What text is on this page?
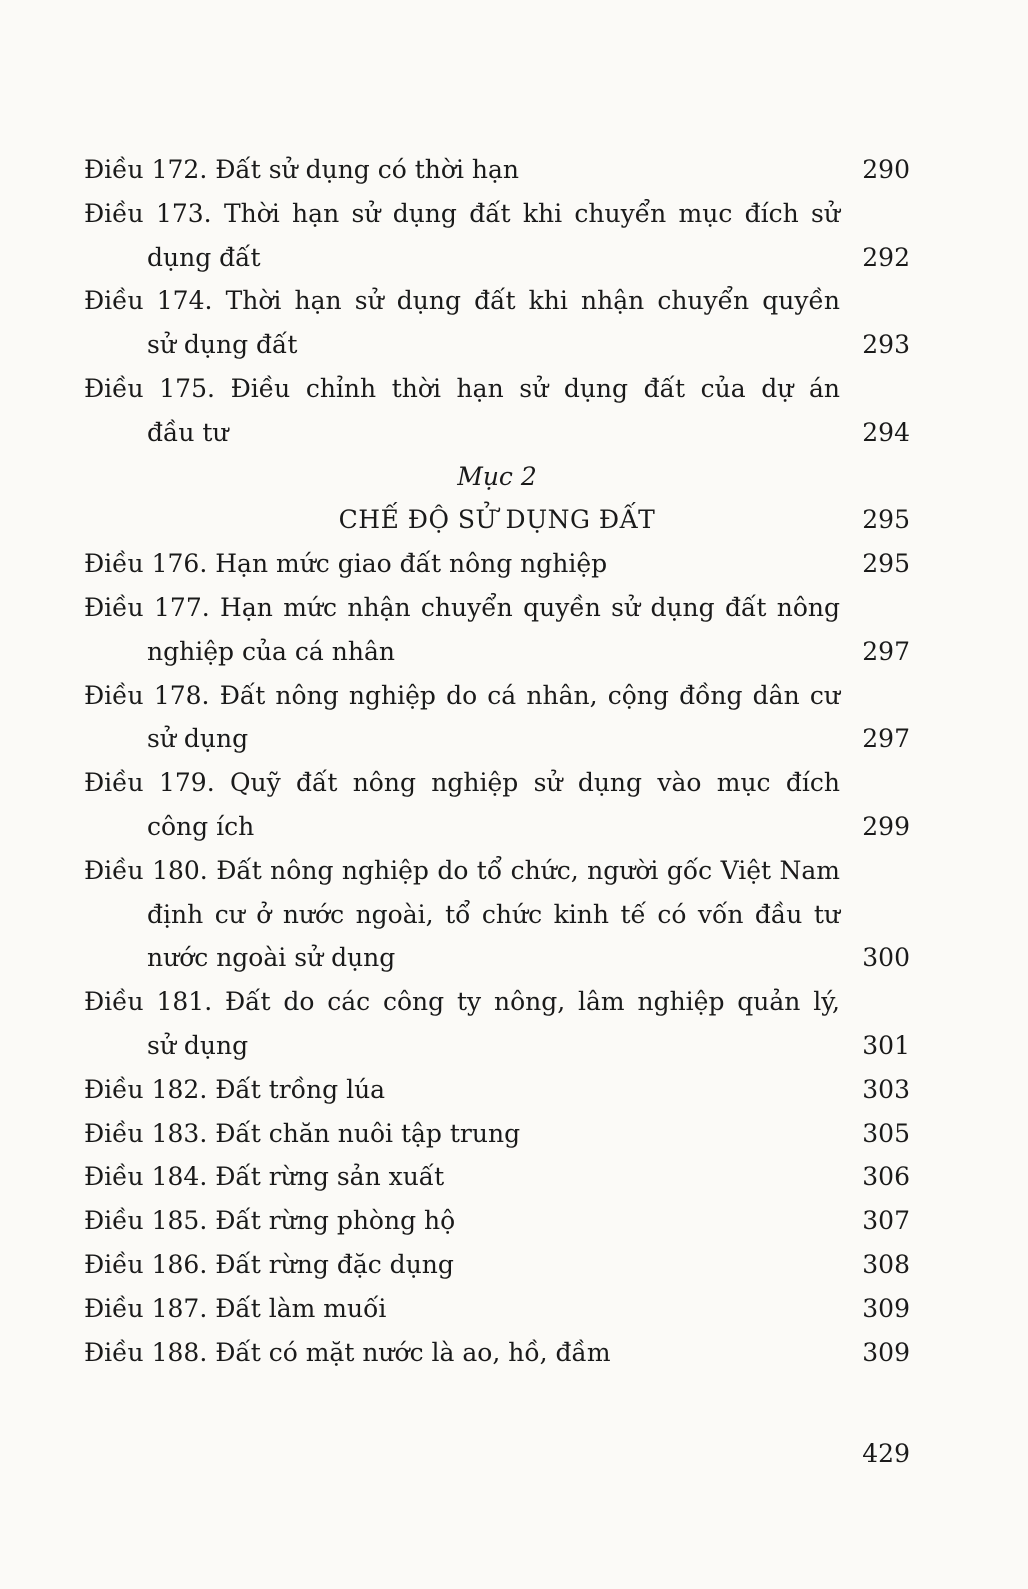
Điều 172. Đất sử dụng có thời hạn	290
Điều 173. Thời hạn sử dụng đất khi chuyển mục đích sử
dụng đất	292
Điều 174. Thời hạn sử dụng đất khi nhận chuyển quyền
sử dụng đất	293
Điều 175. Điều chỉnh thời hạn sử dụng đất của dự án
đầu tư	294
Mục 2
CHẾ ĐỘ SỬ DỤNG ĐẤT	295
Điều 176. Hạn mức giao đất nông nghiệp	295
Điều 177. Hạn mức nhận chuyển quyền sử dụng đất nông
nghiệp của cá nhân	297
Điều 178. Đất nông nghiệp do cá nhân, cộng đồng dân cư
sử dụng	297
Điều 179. Quỹ đất nông nghiệp sử dụng vào mục đích
công ích	299
Điều 180. Đất nông nghiệp do tổ chức, người gốc Việt Nam
định cư ở nước ngoài, tổ chức kinh tế có vốn đầu tư
nước ngoài sử dụng	300
Điều 181. Đất do các công ty nông, lâm nghiệp quản lý,
sử dụng	301
Điều 182. Đất trồng lúa	303
Điều 183. Đất chăn nuôi tập trung	305
Điều 184. Đất rừng sản xuất	306
Điều 185. Đất rừng phòng hộ	307
Điều 186. Đất rừng đặc dụng	308
Điều 187. Đất làm muối	309
Điều 188. Đất có mặt nước là ao, hồ, đầm	309
429
